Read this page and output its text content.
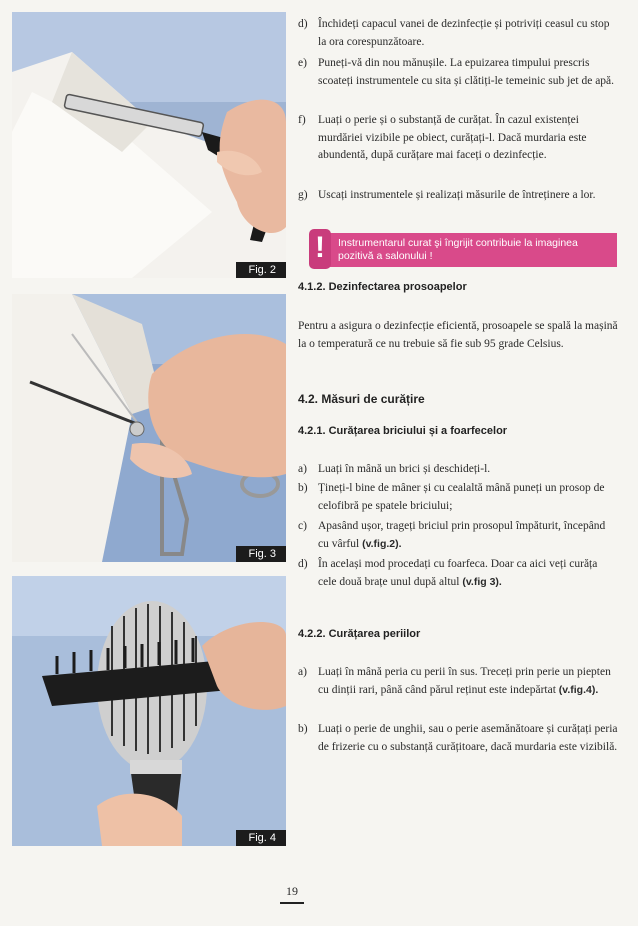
Fig. 2
Fig. 3
Fig. 4
d) Închideți capacul vanei de dezinfecție și potriviți ceasul cu stop la ora corespunzătoare.
e) Puneți-vă din nou mănușile. La epuizarea timpului prescris scoateți instrumentele cu sita și clătiți-le temeinic sub jet de apă.
f)	Luați o perie și o substanță de curățat. În cazul existenței murdăriei vizibile pe obiect, curățați-l. Dacă murdaria este abundentă, după curățare mai faceți o dezinfecție.
g) Uscați instrumentele și realizați măsurile de întreținere a lor.
!	Instrumentarul curat şi îngrijit contribuie la imaginea pozitivă a salonului !
4.1.2. Dezinfectarea prosoapelor
Pentru a asigura o dezinfecție eficientă, prosoapele se spală la mașină la o temperatură ce nu trebuie să fie sub 95 grade Celsius.
4.2. Măsuri de curățire
4.2.1. Curățarea briciului și a foarfecelor
a) Luați în mână un brici și deschideți-l.
b) Țineți-l bine de mâner și cu cealaltă mână puneți un prosop de celofibră pe spatele briciului;
c) Apasând ușor, trageți briciul prin prosopul împăturit, începând cu vârful (v.fig.2).
d) În același mod procedați cu foarfeca. Doar ca aici veți curăța cele două brațe unul după altul (v.fig 3).
4.2.2. Curățarea periilor
a) Luați în mână peria cu perii în sus. Treceți prin perie un piepten cu dinții rari, până când părul reținut este indepărtat (v.fig.4).
b) Luați o perie de unghii, sau o perie asemănătoare și curățați peria de frizerie cu o substanță curățitoare, dacă murdaria este vizibilă.
19
